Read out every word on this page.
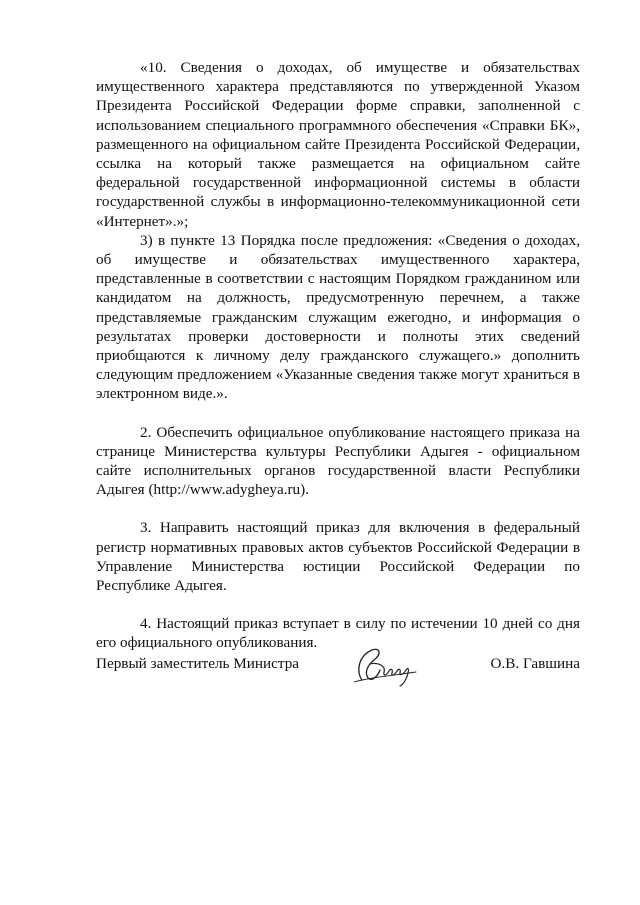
«10. Сведения о доходах, об имуществе и обязательствах имущественного характера представляются по утвержденной Указом Президента Российской Федерации форме справки, заполненной с использованием специального программного обеспечения «Справки БК», размещенного на официальном сайте Президента Российской Федерации, ссылка на который также размещается на официальном сайте федеральной государственной информационной системы в области государственной службы в информационно-телекоммуникационной сети «Интернет».»;

3) в пункте 13 Порядка после предложения: «Сведения о доходах, об имуществе и обязательствах имущественного характера, представленные в соответствии с настоящим Порядком гражданином или кандидатом на должность, предусмотренную перечнем, а также представляемые гражданским служащим ежегодно, и информация о результатах проверки достоверности и полноты этих сведений приобщаются к личному делу гражданского служащего.» дополнить следующим предложением «Указанные сведения также могут храниться в электронном виде.».

2. Обеспечить официальное опубликование настоящего приказа на странице Министерства культуры Республики Адыгея - официальном сайте исполнительных органов государственной власти Республики Адыгея (http://www.adygheya.ru).

3. Направить настоящий приказ для включения в федеральный регистр нормативных правовых актов субъектов Российской Федерации в Управление Министерства юстиции Российской Федерации по Республике Адыгея.

4. Настоящий приказ вступает в силу по истечении 10 дней со дня его официального опубликования.

Первый заместитель Министра	О.В. Гавшина
